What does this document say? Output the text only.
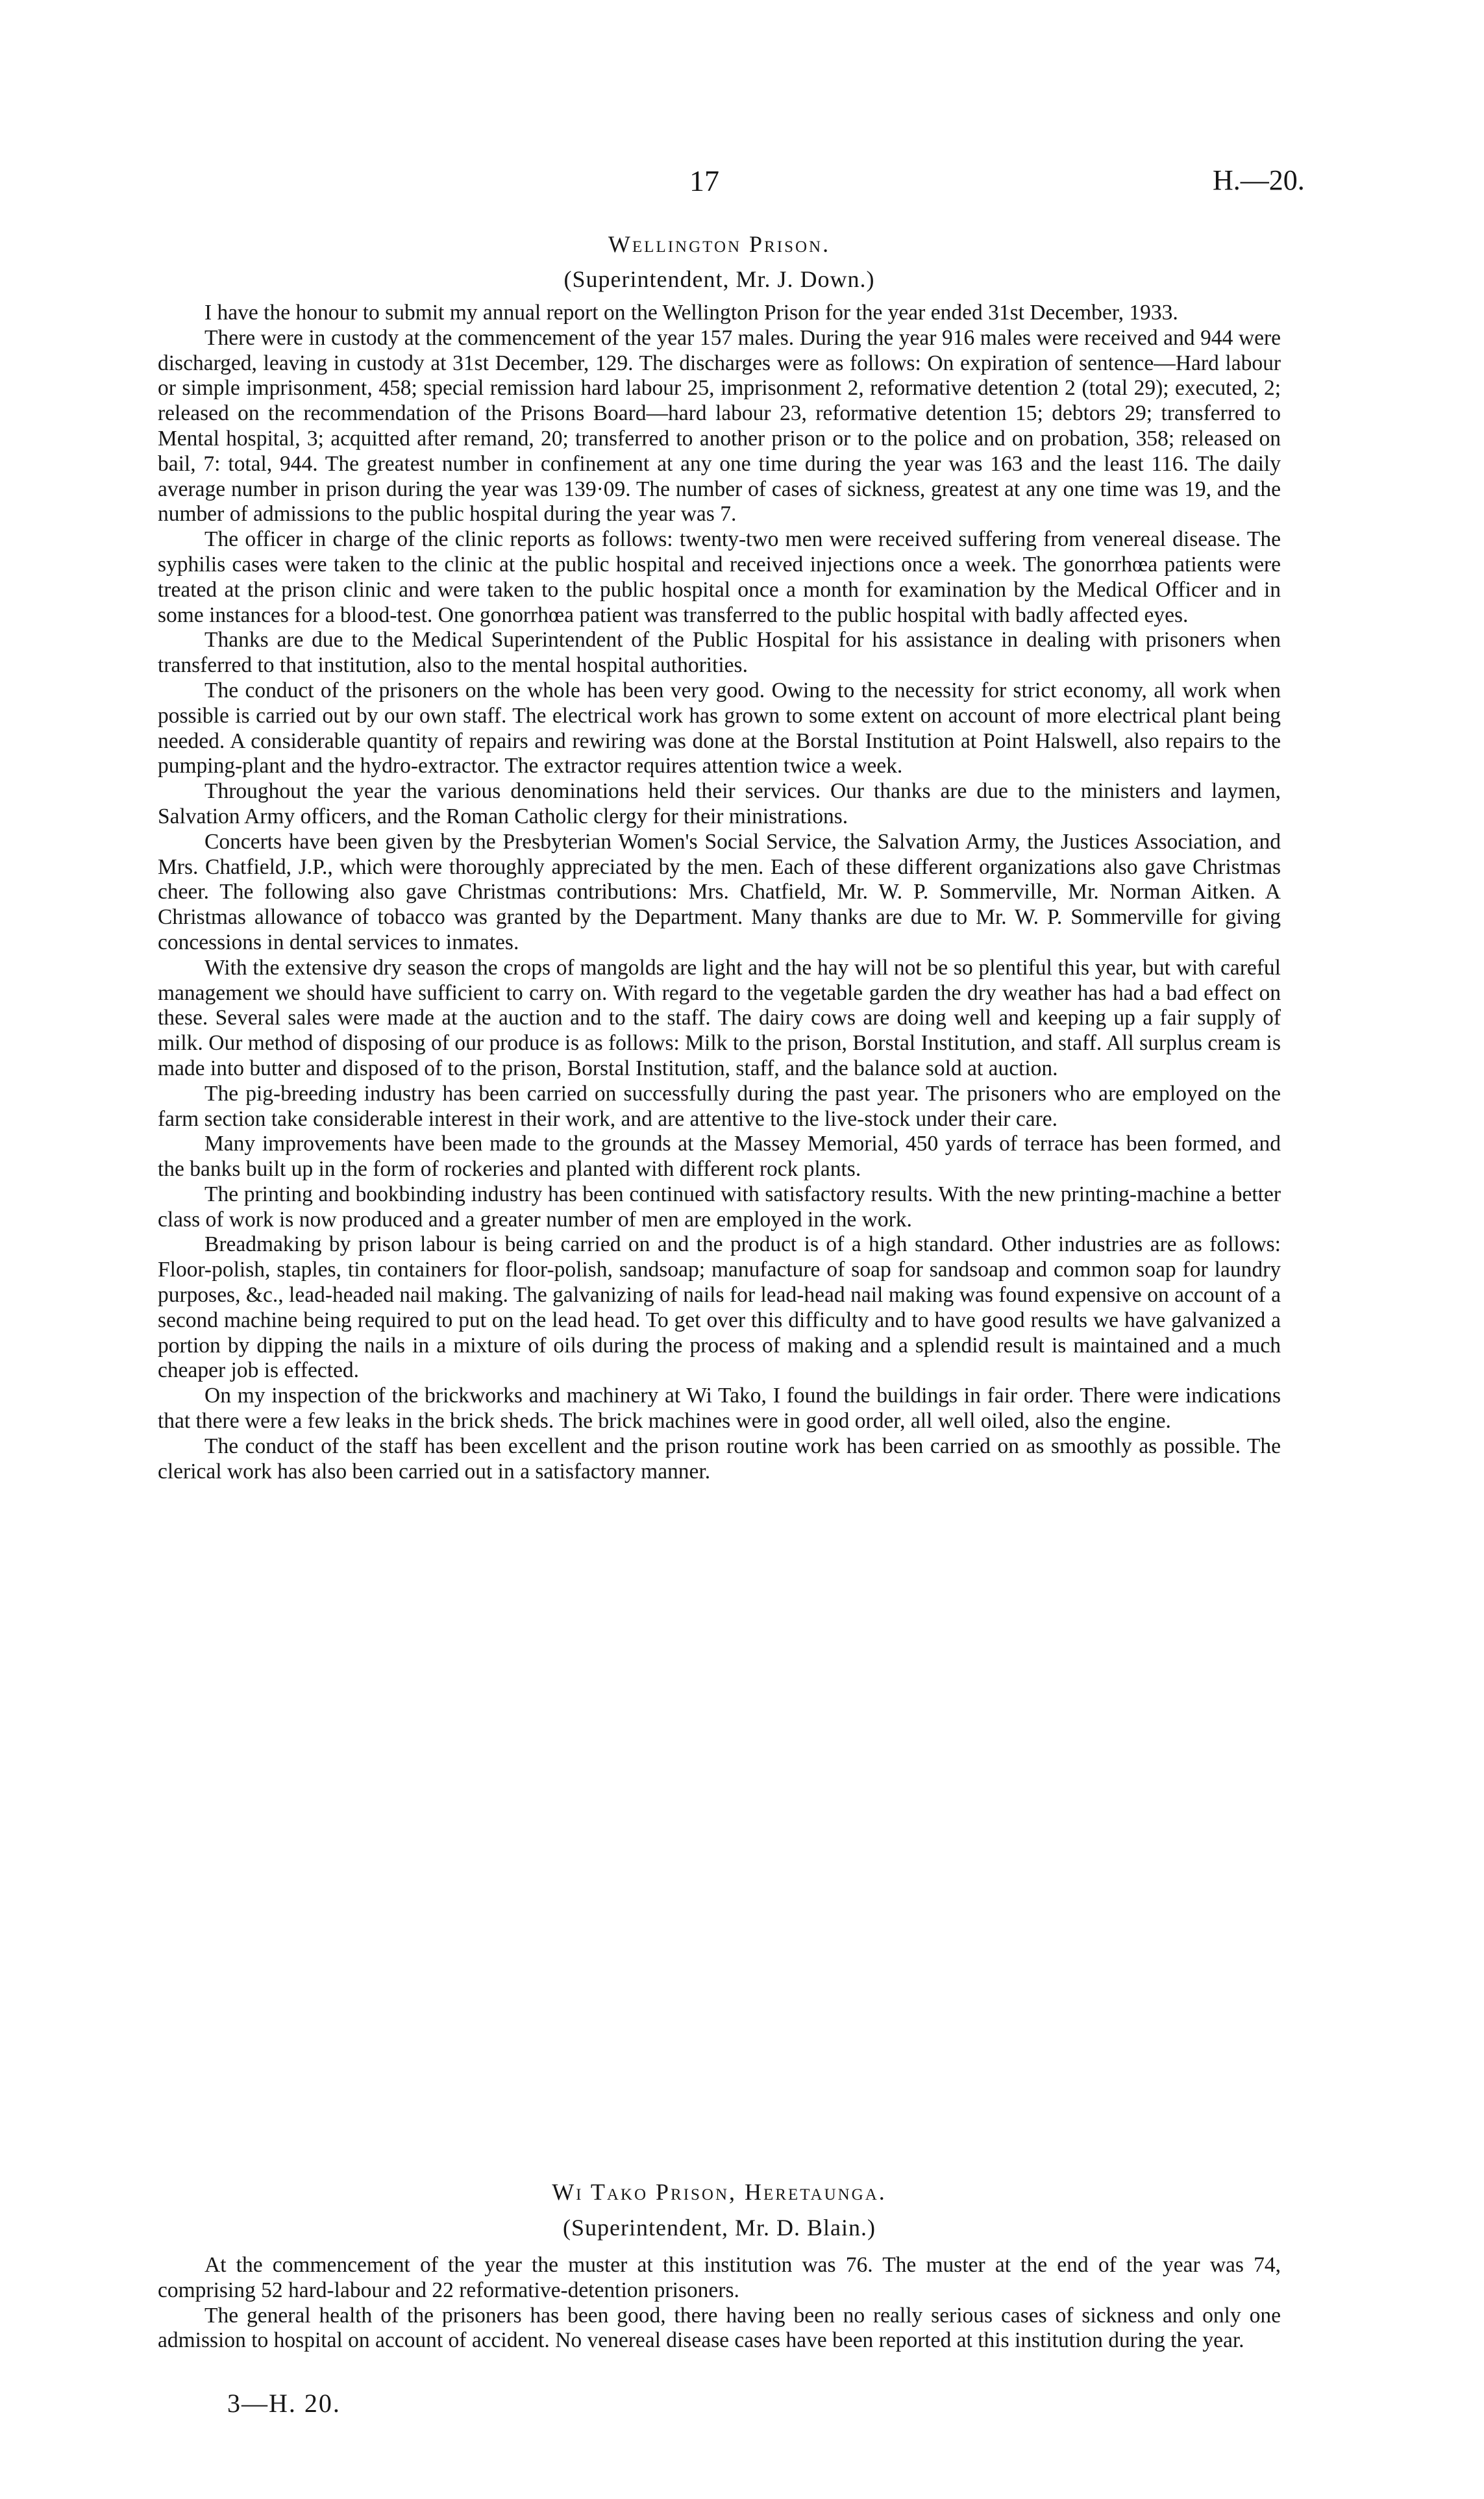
17	H.—20.
Wellington Prison.
(Superintendent, Mr. J. Down.)

I have the honour to submit my annual report on the Wellington Prison for the year ended 31st December, 1933.

There were in custody at the commencement of the year 157 males. During the year 916 males were received and 944 were discharged, leaving in custody at 31st December, 129. The discharges were as follows: On expiration of sentence—Hard labour or simple imprisonment, 458; special remission hard labour 25, imprisonment 2, reformative detention 2 (total 29); executed, 2; released on the recommendation of the Prisons Board—hard labour 23, reformative detention 15; debtors 29; transferred to Mental hospital, 3; acquitted after remand, 20; transferred to another prison or to the police and on probation, 358; released on bail, 7: total, 944. The greatest number in confinement at any one time during the year was 163 and the least 116. The daily average number in prison during the year was 139·09. The number of cases of sickness, greatest at any one time was 19, and the number of admissions to the public hospital during the year was 7.

The officer in charge of the clinic reports as follows: twenty-two men were received suffering from venereal disease. The syphilis cases were taken to the clinic at the public hospital and received injections once a week. The gonorrhœa patients were treated at the prison clinic and were taken to the public hospital once a month for examination by the Medical Officer and in some instances for a blood-test. One gonorrhœa patient was transferred to the public hospital with badly affected eyes.

Thanks are due to the Medical Superintendent of the Public Hospital for his assistance in dealing with prisoners when transferred to that institution, also to the mental hospital authorities.

The conduct of the prisoners on the whole has been very good. Owing to the necessity for strict economy, all work when possible is carried out by our own staff. The electrical work has grown to some extent on account of more electrical plant being needed. A considerable quantity of repairs and rewiring was done at the Borstal Institution at Point Halswell, also repairs to the pumping-plant and the hydro-extractor. The extractor requires attention twice a week.

Throughout the year the various denominations held their services. Our thanks are due to the ministers and laymen, Salvation Army officers, and the Roman Catholic clergy for their ministrations.

Concerts have been given by the Presbyterian Women's Social Service, the Salvation Army, the Justices Association, and Mrs. Chatfield, J.P., which were thoroughly appreciated by the men. Each of these different organizations also gave Christmas cheer. The following also gave Christmas contributions: Mrs. Chatfield, Mr. W. P. Sommerville, Mr. Norman Aitken. A Christmas allowance of tobacco was granted by the Department. Many thanks are due to Mr. W. P. Sommerville for giving concessions in dental services to inmates.

With the extensive dry season the crops of mangolds are light and the hay will not be so plentiful this year, but with careful management we should have sufficient to carry on. With regard to the vegetable garden the dry weather has had a bad effect on these. Several sales were made at the auction and to the staff. The dairy cows are doing well and keeping up a fair supply of milk. Our method of disposing of our produce is as follows: Milk to the prison, Borstal Institution, and staff. All surplus cream is made into butter and disposed of to the prison, Borstal Institution, staff, and the balance sold at auction.

The pig-breeding industry has been carried on successfully during the past year. The prisoners who are employed on the farm section take considerable interest in their work, and are attentive to the live-stock under their care.

Many improvements have been made to the grounds at the Massey Memorial, 450 yards of terrace has been formed, and the banks built up in the form of rockeries and planted with different rock plants.

The printing and bookbinding industry has been continued with satisfactory results. With the new printing-machine a better class of work is now produced and a greater number of men are employed in the work.

Breadmaking by prison labour is being carried on and the product is of a high standard. Other industries are as follows: Floor-polish, staples, tin containers for floor-polish, sandsoap; manufacture of soap for sandsoap and common soap for laundry purposes, &c., lead-headed nail making. The galvanizing of nails for lead-head nail making was found expensive on account of a second machine being required to put on the lead head. To get over this difficulty and to have good results we have galvanized a portion by dipping the nails in a mixture of oils during the process of making and a splendid result is maintained and a much cheaper job is effected.

On my inspection of the brickworks and machinery at Wi Tako, I found the buildings in fair order. There were indications that there were a few leaks in the brick sheds. The brick machines were in good order, all well oiled, also the engine.

The conduct of the staff has been excellent and the prison routine work has been carried on as smoothly as possible. The clerical work has also been carried out in a satisfactory manner.

Wi Tako Prison, Heretaunga.
(Superintendent, Mr. D. Blain.)

At the commencement of the year the muster at this institution was 76. The muster at the end of the year was 74, comprising 52 hard-labour and 22 reformative-detention prisoners.

The general health of the prisoners has been good, there having been no really serious cases of sickness and only one admission to hospital on account of accident. No venereal disease cases have been reported at this institution during the year.

3—H. 20.
